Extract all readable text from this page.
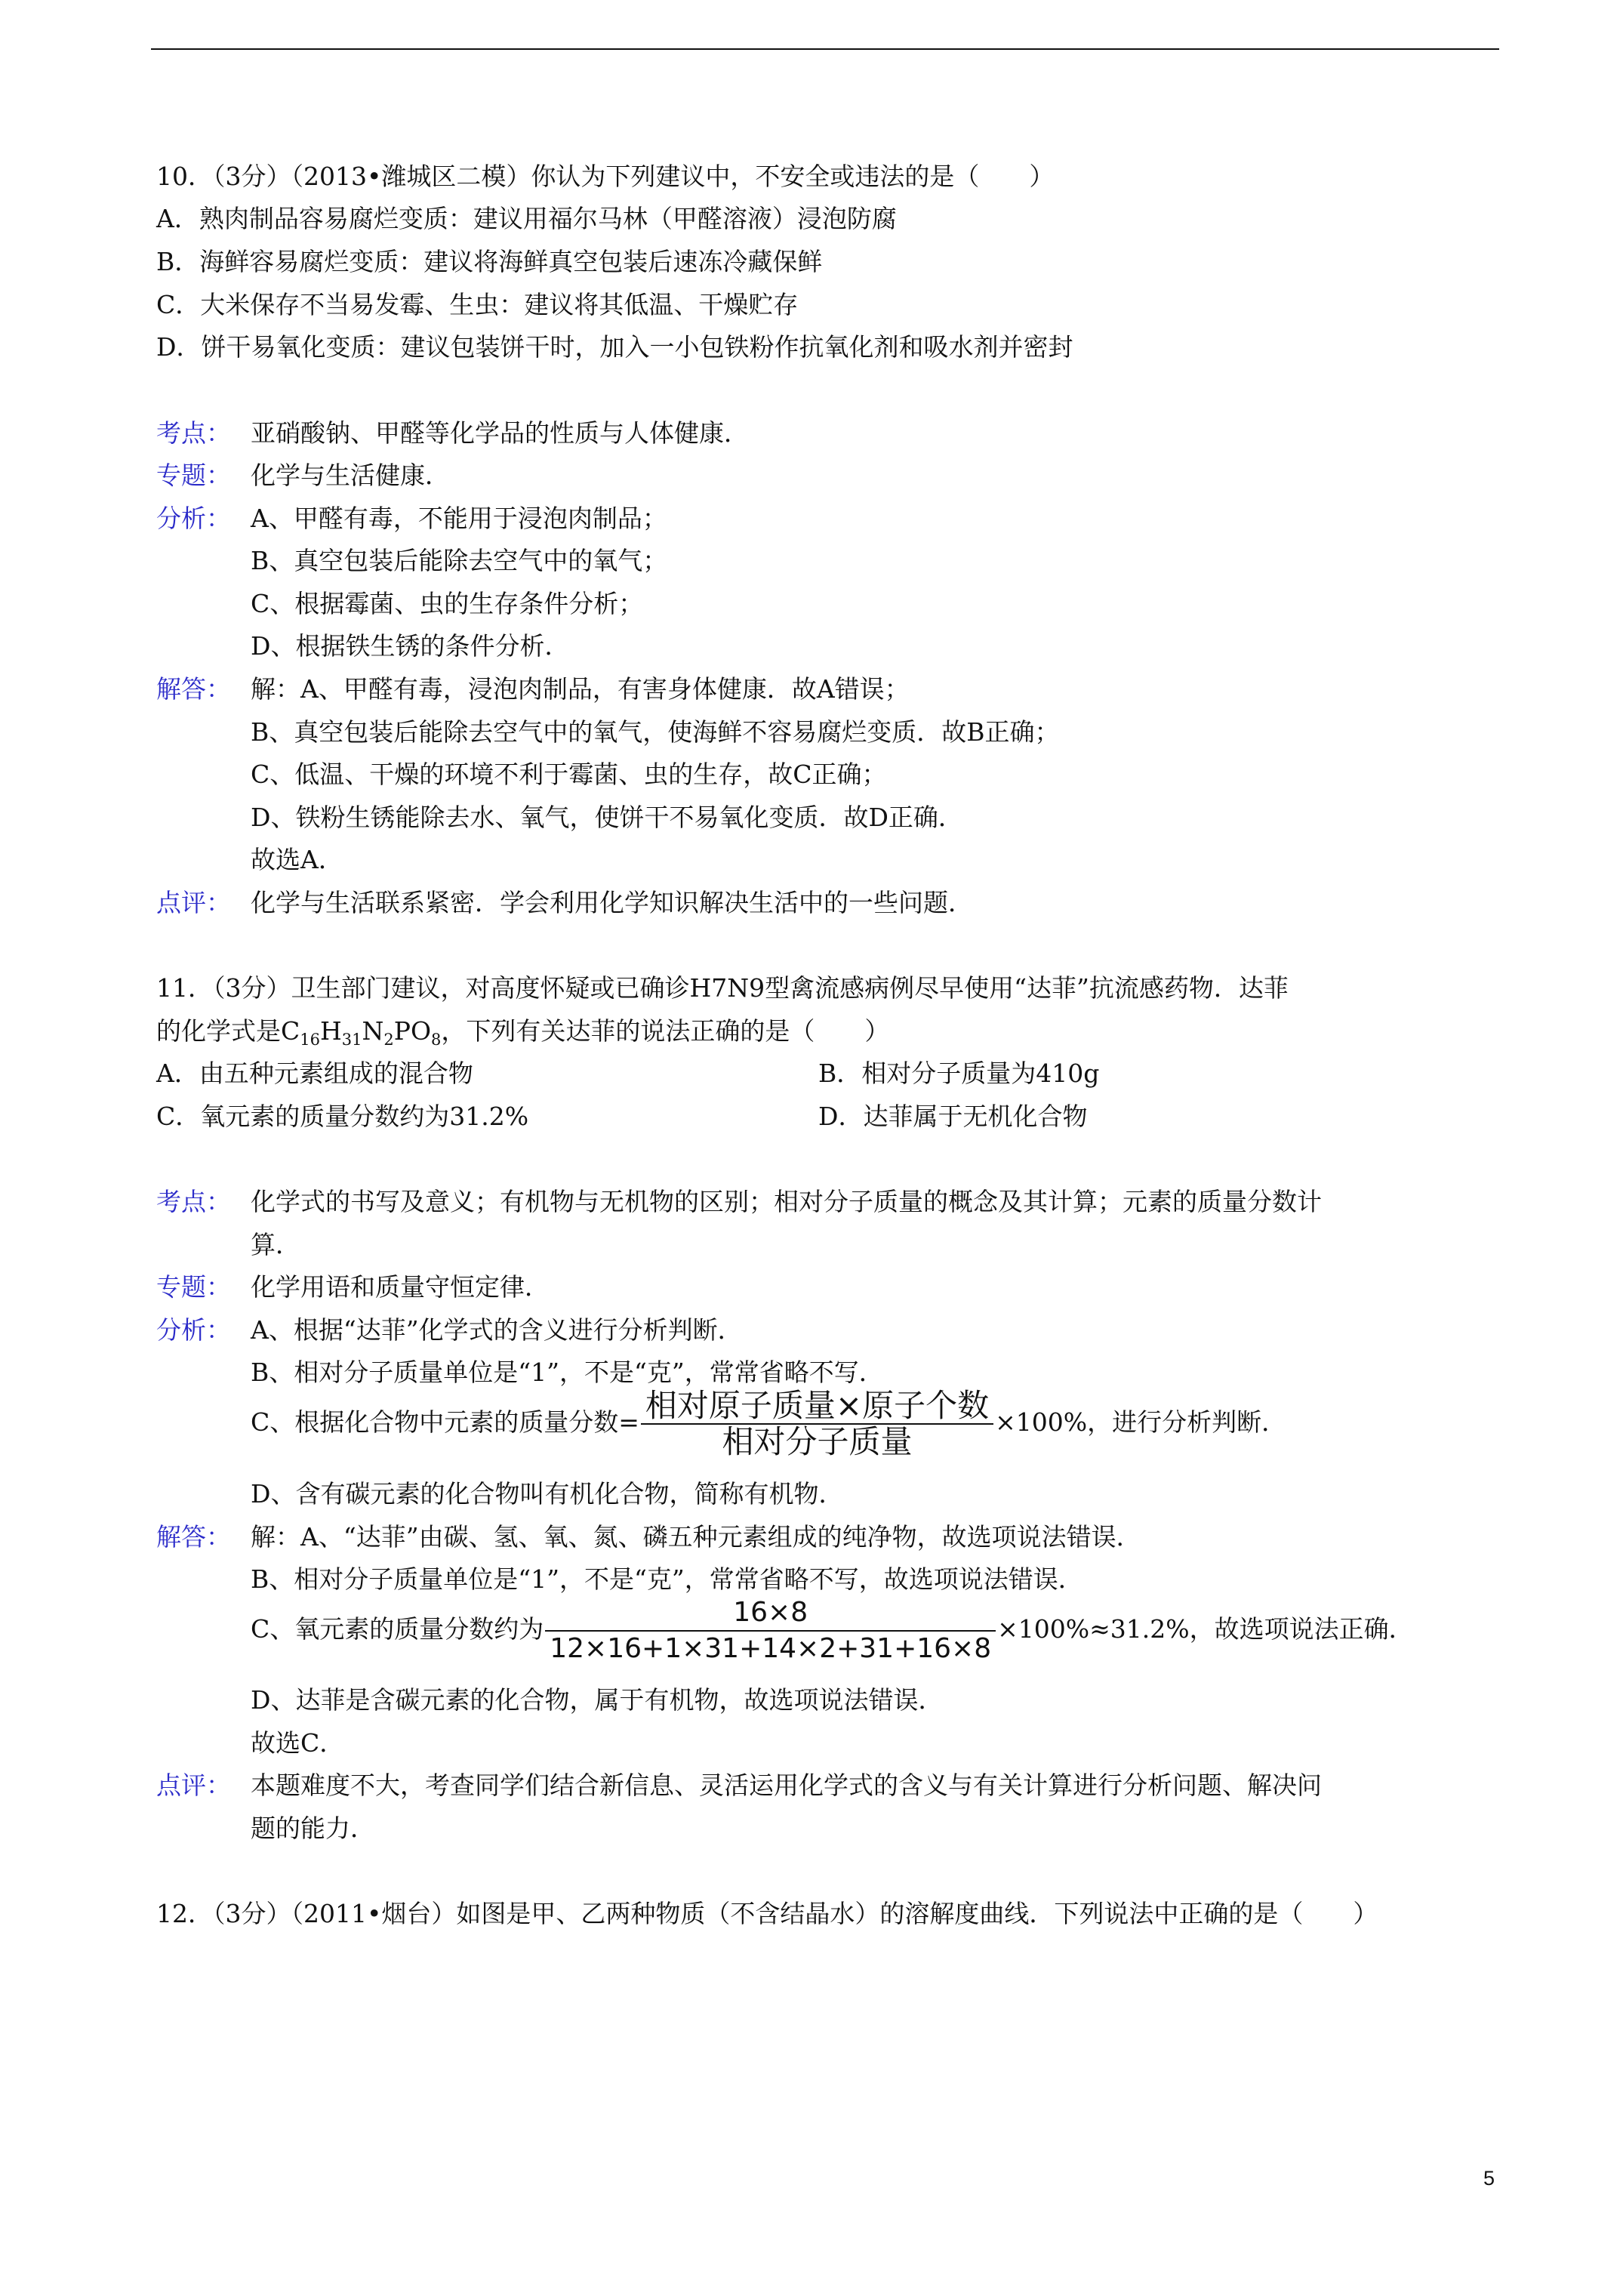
10．（3分）（2013•潍城区二模）你认为下列建议中，不安全或违法的是（　　）
A．熟肉制品容易腐烂变质：建议用福尔马林（甲醛溶液）浸泡防腐
B．海鲜容易腐烂变质：建议将海鲜真空包装后速冻冷藏保鲜
C．大米保存不当易发霉、生虫：建议将其低温、干燥贮存
D．饼干易氧化变质：建议包装饼干时，加入一小包铁粉作抗氧化剂和吸水剂并密封
考点： 亚硝酸钠、甲醛等化学品的性质与人体健康．
专题： 化学与生活健康．
分析： A、甲醛有毒，不能用于浸泡肉制品；
B、真空包装后能除去空气中的氧气；
C、根据霉菌、虫的生存条件分析；
D、根据铁生锈的条件分析．
解答： 解：A、甲醛有毒，浸泡肉制品，有害身体健康．故A错误；
B、真空包装后能除去空气中的氧气，使海鲜不容易腐烂变质．故B正确；
C、低温、干燥的环境不利于霉菌、虫的生存，故C正确；
D、铁粉生锈能除去水、氧气，使饼干不易氧化变质．故D正确．
故选A．
点评： 化学与生活联系紧密．学会利用化学知识解决生活中的一些问题．
11．（3分）卫生部门建议，对高度怀疑或已确诊H7N9型禽流感病例尽早使用“达菲”抗流感药物．达菲
的化学式是$C_{16}H_{31}N_2PO_8$，下列有关达菲的说法正确的是（　　）
A．由五种元素组成的混合物	B．相对分子质量为410g
C．氧元素的质量分数约为31.2%	D．达菲属于无机化合物
考点： 化学式的书写及意义；有机物与无机物的区别；相对分子质量的概念及其计算；元素的质量分数计
算．
专题： 化学用语和质量守恒定律．
分析： A、根据“达菲”化学式的含义进行分析判断．
B、相对分子质量单位是“1”，不是“克”，常常省略不写．
C、根据化合物中元素的质量分数= $\frac{\text{相对原子质量×原子个数}}{\text{相对分子质量}} \times 100\%$，进行分析判断．
D、含有碳元素的化合物叫有机化合物，简称有机物．
解答： 解：A、“达菲”由碳、氢、氧、氮、磷五种元素组成的纯净物，故选项说法错误．
B、相对分子质量单位是“1”，不是“克”，常常省略不写，故选项说法错误．
C、氧元素的质量分数约为 $\frac{16\times 8}{12\times 16+1\times 31+14\times 2+31+16\times 8} \times 100\%\approx 31.2\%$，故选项说法正确．
D、达菲是含碳元素的化合物，属于有机物，故选项说法错误．
故选C．
点评： 本题难度不大，考查同学们结合新信息、灵活运用化学式的含义与有关计算进行分析问题、解决问
题的能力．
12．（3分）（2011•烟台）如图是甲、乙两种物质（不含结晶水）的溶解度曲线．下列说法中正确的是（　　）
5
